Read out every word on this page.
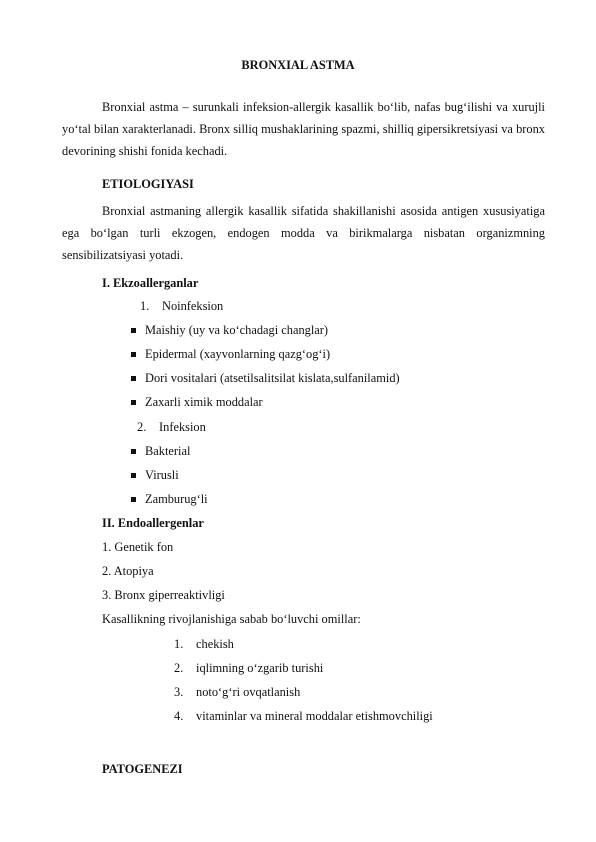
BRONXIAL ASTMA
Bronxial astma – surunkali infeksion-allergik kasallik bo‘lib, nafas bug‘ilishi va xurujli yo‘tal bilan xarakterlanadi. Bronx silliq mushaklarining spazmi, shilliq gipersikretsiyasi va bronx devorining shishi fonida kechadi.
ETIOLOGIYASI
Bronxial astmaning allergik kasallik sifatida shakillanishi asosida antigen xususiyatiga ega bo‘lgan turli ekzogen, endogen modda va birikmalarga nisbatan organizmning sensibilizatsiyasi yotadi.
I. Ekzoallerganlar
1. Noinfeksion
Maishiy (uy va ko‘chadagi changlar)
Epidermal (xayvonlarning qazg‘og‘i)
Dori vositalari (atsetilsalitsilat kislata,sulfanilamid)
Zaxarli ximik moddalar
2. Infeksion
Bakterial
Virusli
Zamburug‘li
II. Endoallergenlar
1. Genetik fon
2. Atopiya
3. Bronx giperreaktivligi
Kasallikning rivojlanishiga sabab bo‘luvchi omillar:
1. chekish
2. iqlimning o‘zgarib turishi
3. noto‘g‘ri ovqatlanish
4. vitaminlar va mineral moddalar etishmovchiligi
PATOGENEZI
